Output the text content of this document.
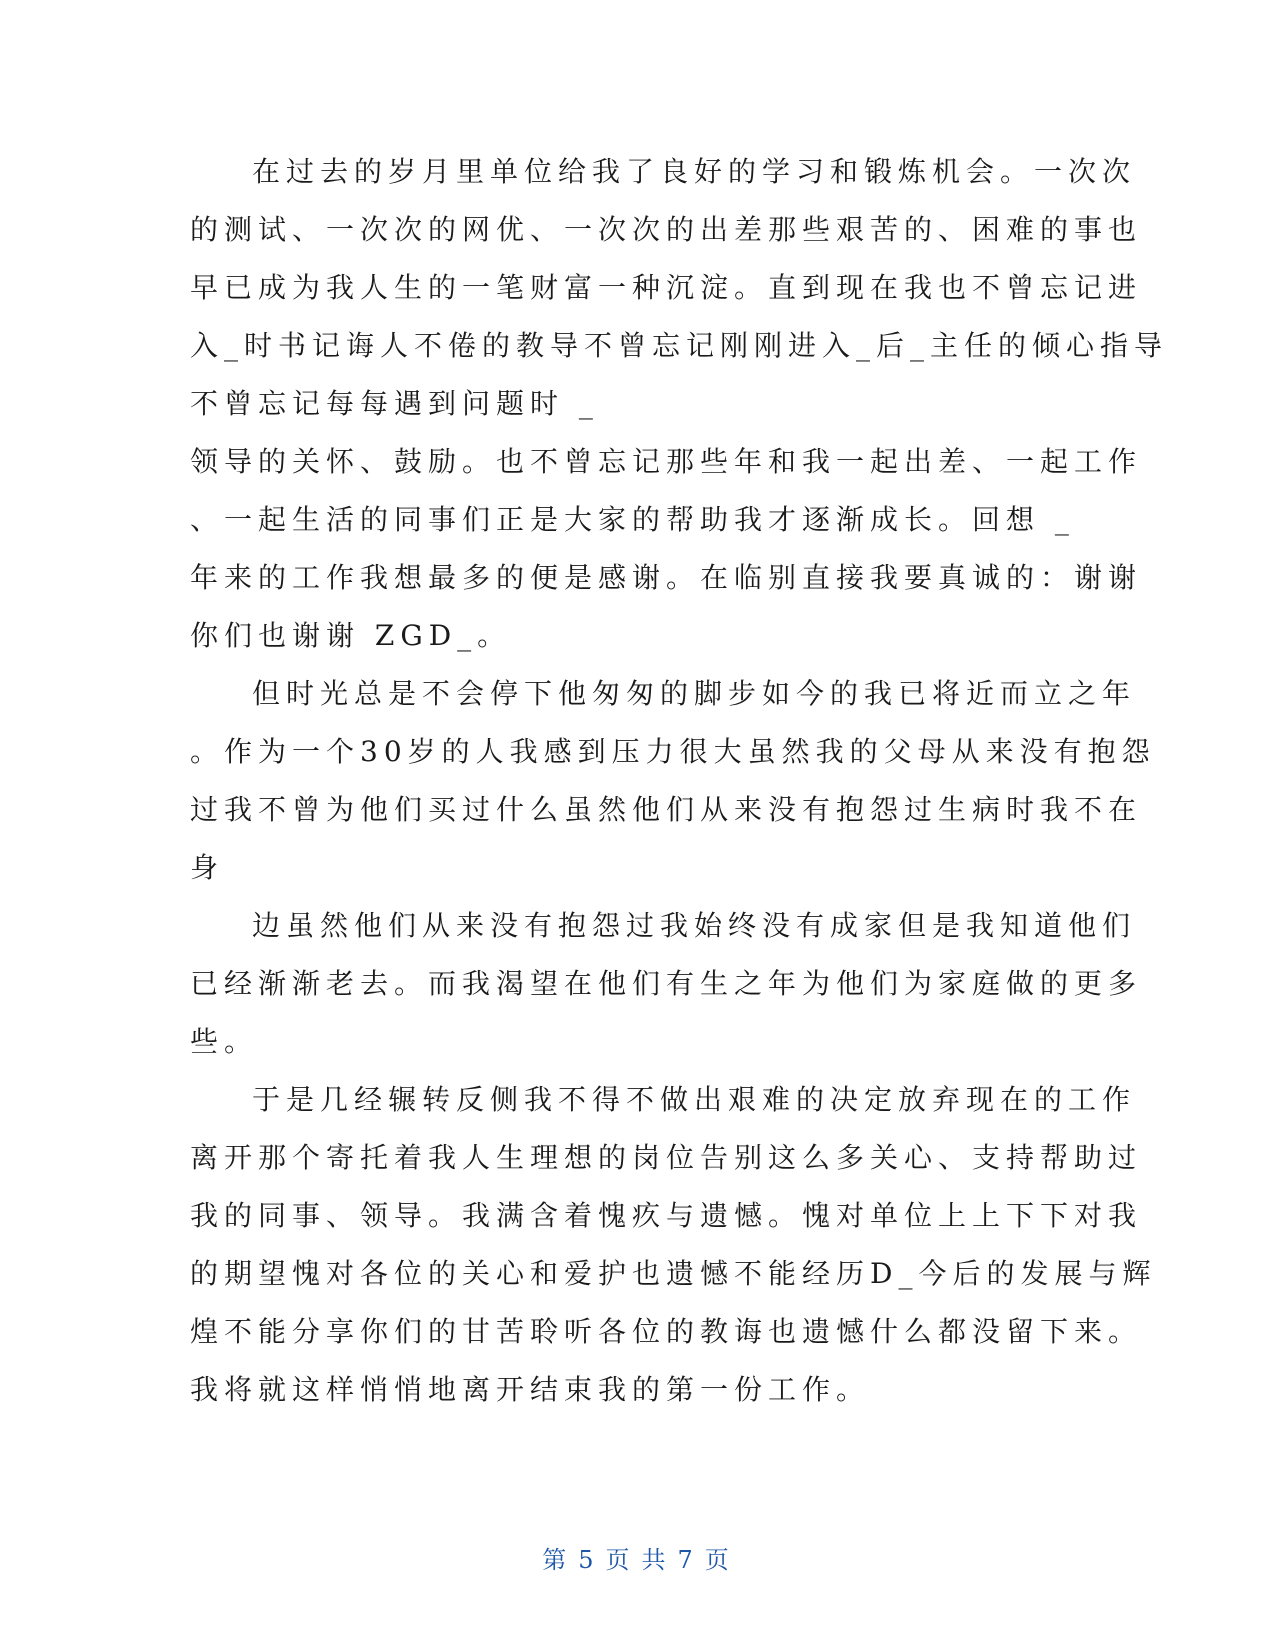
在过去的岁月里单位给我了良好的学习和锻炼机会。一次次
的测试、一次次的网优、一次次的出差那些艰苦的、困难的事也
早已成为我人生的一笔财富一种沉淀。直到现在我也不曾忘记进
入_时书记诲人不倦的教导不曾忘记刚刚进入_后_主任的倾心指导
不曾忘记每每遇到问题时 _
领导的关怀、鼓励。也不曾忘记那些年和我一起出差、一起工作
、一起生活的同事们正是大家的帮助我才逐渐成长。回想 _
年来的工作我想最多的便是感谢。在临别直接我要真诚的：谢谢
你们也谢谢 ZGD_。
但时光总是不会停下他匆匆的脚步如今的我已将近而立之年
。作为一个30岁的人我感到压力很大虽然我的父母从来没有抱怨
过我不曾为他们买过什么虽然他们从来没有抱怨过生病时我不在
身
边虽然他们从来没有抱怨过我始终没有成家但是我知道他们
已经渐渐老去。而我渴望在他们有生之年为他们为家庭做的更多
些。
于是几经辗转反侧我不得不做出艰难的决定放弃现在的工作
离开那个寄托着我人生理想的岗位告别这么多关心、支持帮助过
我的同事、领导。我满含着愧疚与遗憾。愧对单位上上下下对我
的期望愧对各位的关心和爱护也遗憾不能经历D_今后的发展与辉
煌不能分享你们的甘苦聆听各位的教诲也遗憾什么都没留下来。
我将就这样悄悄地离开结束我的第一份工作。
第 5 页 共 7 页
